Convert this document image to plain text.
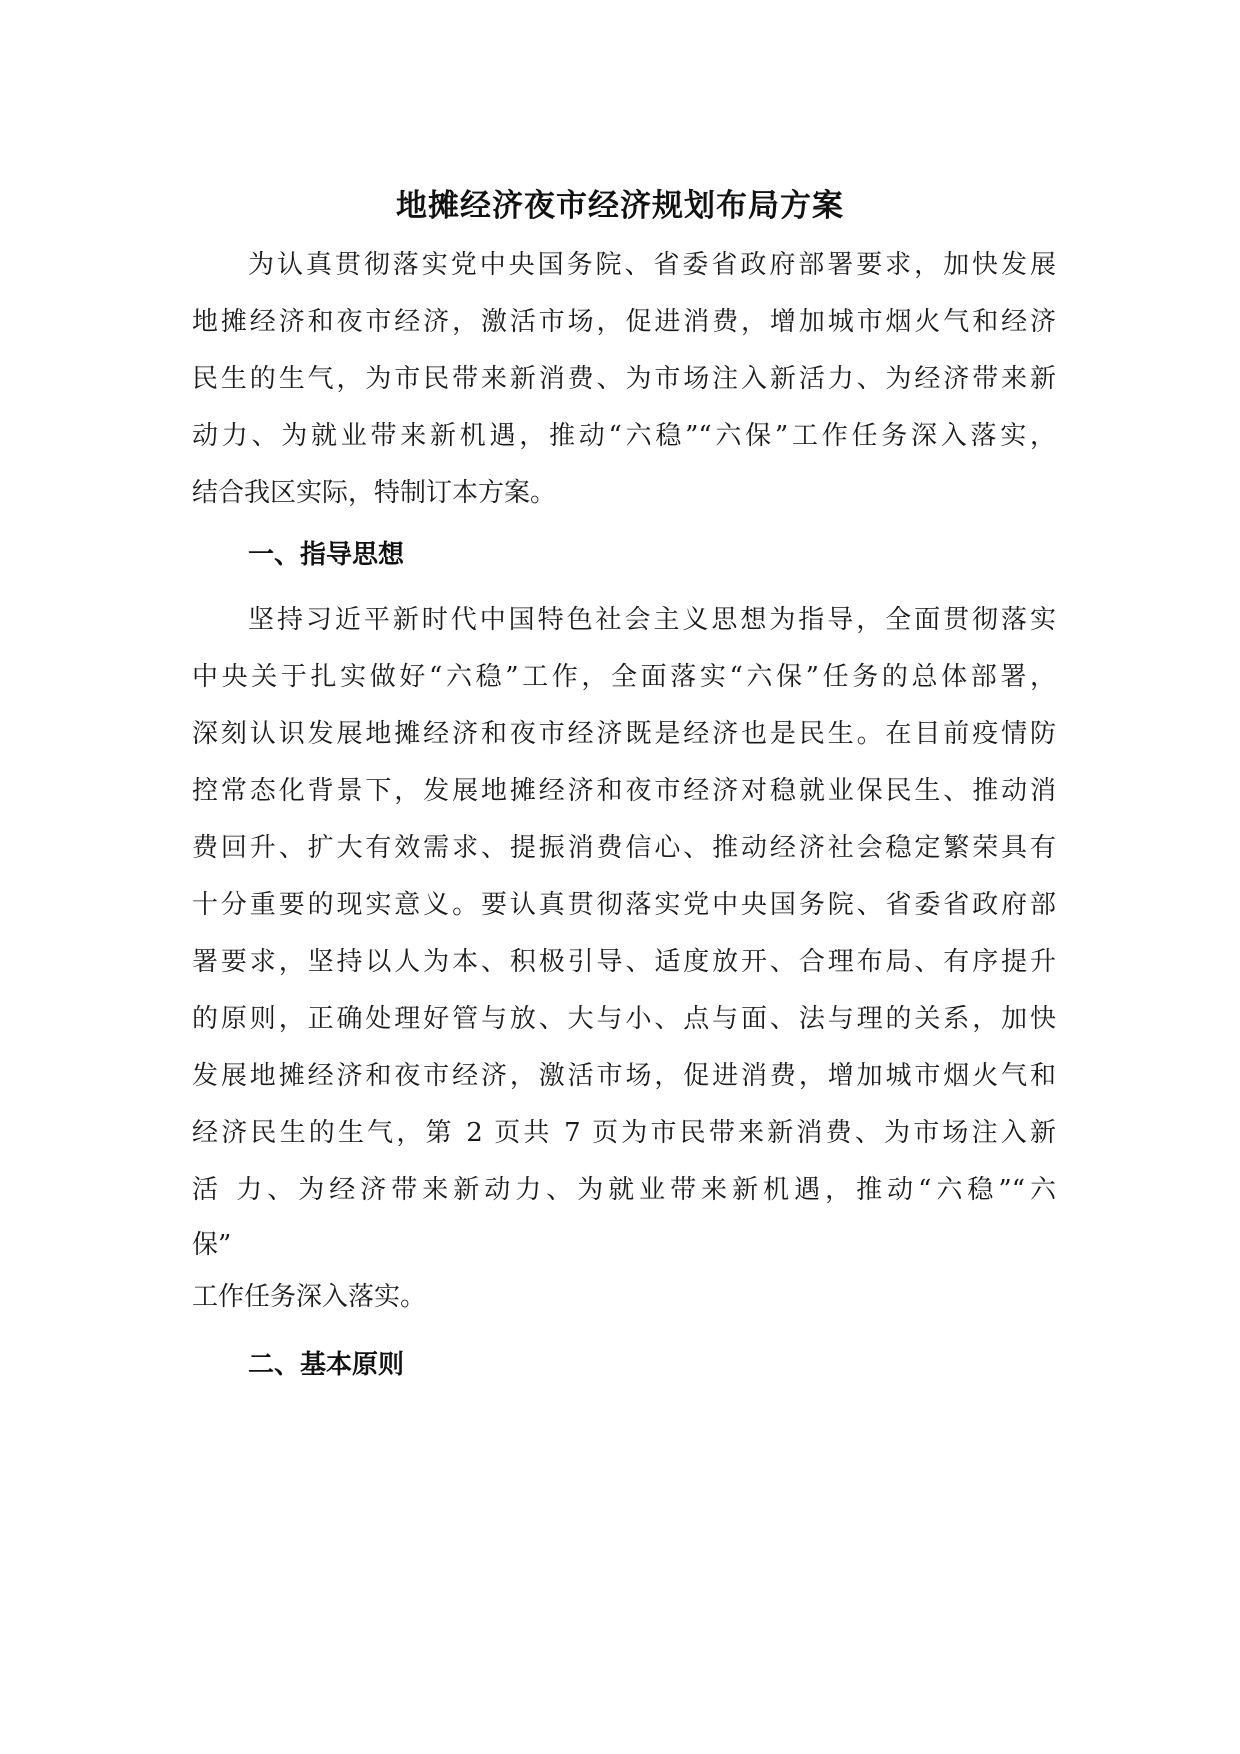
地摊经济夜市经济规划布局方案
为认真贯彻落实党中央国务院、省委省政府部署要求，加快发展
地摊经济和夜市经济，激活市场，促进消费，增加城市烟火气和经济
民生的生气，为市民带来新消费、为市场注入新活力、为经济带来新
动力、为就业带来新机遇，推动“六稳”“六保”工作任务深入落实，
结合我区实际，特制订本方案。
一、指导思想
坚持习近平新时代中国特色社会主义思想为指导，全面贯彻落实
中央关于扎实做好“六稳”工作，全面落实“六保”任务的总体部署，
深刻认识发展地摊经济和夜市经济既是经济也是民生。在目前疫情防
控常态化背景下，发展地摊经济和夜市经济对稳就业保民生、推动消
费回升、扩大有效需求、提振消费信心、推动经济社会稳定繁荣具有
十分重要的现实意义。要认真贯彻落实党中央国务院、省委省政府部
署要求，坚持以人为本、积极引导、适度放开、合理布局、有序提升
的原则，正确处理好管与放、大与小、点与面、法与理的关系，加快
发展地摊经济和夜市经济，激活市场，促进消费，增加城市烟火气和
经济民生的生气，第 2 页共 7 页为市民带来新消费、为市场注入新
活 力、为经济带来新动力、为就业带来新机遇，推动“六稳”“六
保”
工作任务深入落实。
二、基本原则
